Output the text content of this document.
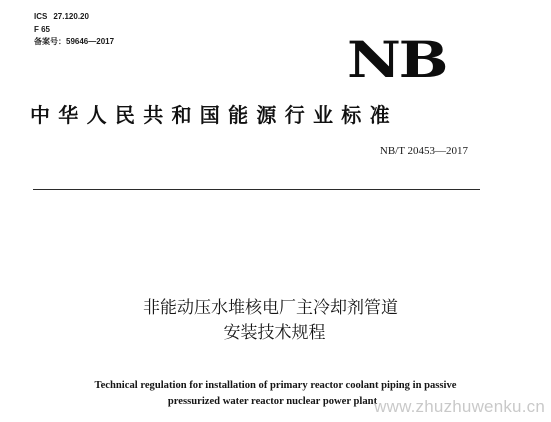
ICS 27.120.20
F 65
备案号：59646—2017	NB
中华人民共和国能源行业标准
NB/T 20453—2017
非能动压水堆核电厂主冷却剂管道
安装技术规程
Technical regulation for installation of primary reactor coolant piping in passive
pressurized water reactor nuclear power plant
www.zhuzhuwenku.cn
